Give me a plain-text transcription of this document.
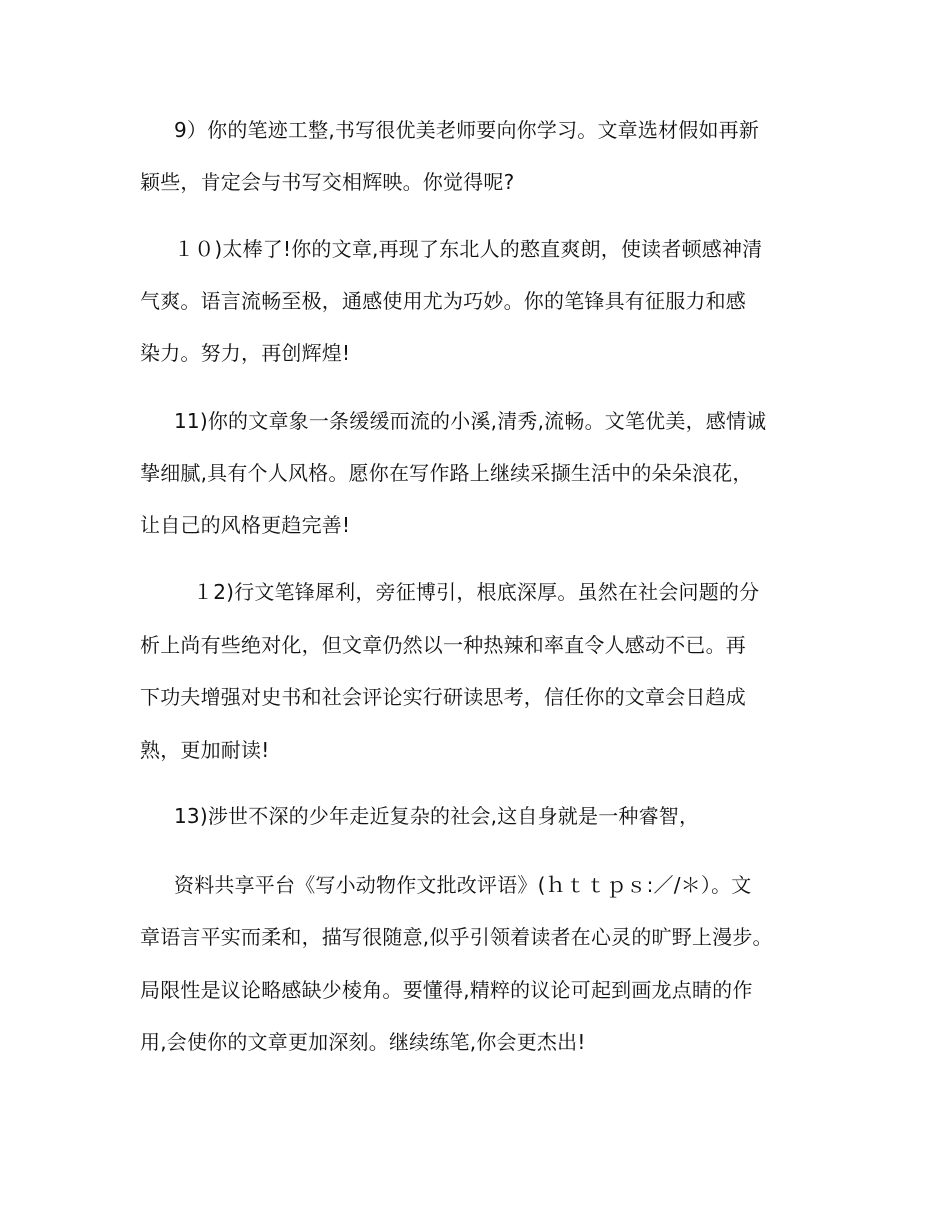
9）你的笔迹工整,书写很优美老师要向你学习。文章选材假如再新
颖些，肯定会与书写交相辉映。你觉得呢?
１０)太棒了!你的文章,再现了东北人的憨直爽朗，使读者顿感神清
气爽。语言流畅至极，通感使用尤为巧妙。你的笔锋具有征服力和感
染力。努力，再创辉煌!
11)你的文章象一条缓缓而流的小溪,清秀,流畅。文笔优美，感情诚
挚细腻,具有个人风格。愿你在写作路上继续采撷生活中的朵朵浪花，
让自己的风格更趋完善!
１2)行文笔锋犀利，旁征博引，根底深厚。虽然在社会问题的分
析上尚有些绝对化，但文章仍然以一种热辣和率直令人感动不已。再
下功夫增强对史书和社会评论实行研读思考，信任你的文章会日趋成
熟，更加耐读!
13)涉世不深的少年走近复杂的社会,这自身就是一种睿智，
资料共享平台《写小动物作文批改评语》(ｈｔｔｐｓ:／/＊）。文
章语言平实而柔和，描写很随意,似乎引领着读者在心灵的旷野上漫步。
局限性是议论略感缺少棱角。要懂得,精粹的议论可起到画龙点睛的作
用,会使你的文章更加深刻。继续练笔,你会更杰出!
